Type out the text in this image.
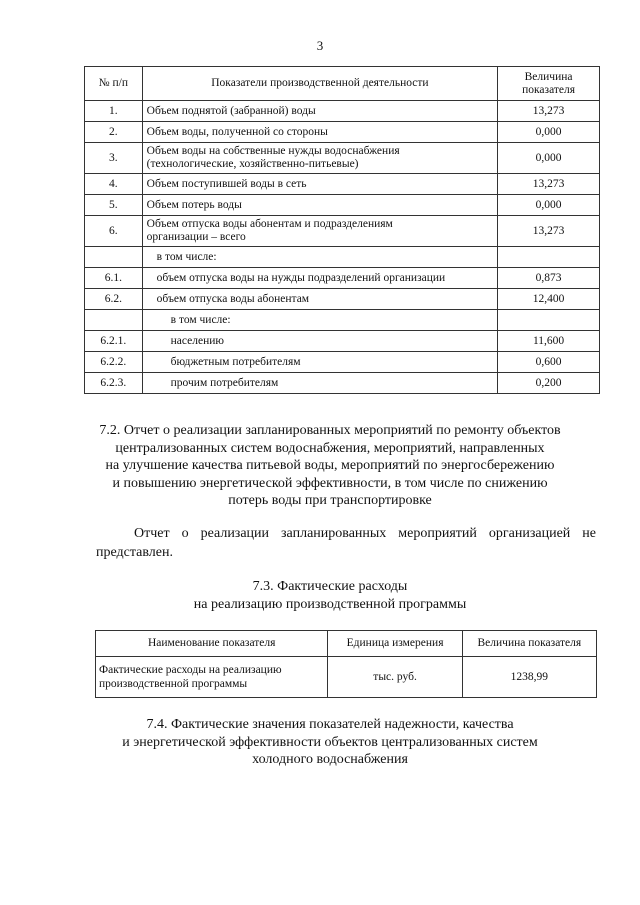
3
№ п/п	Показатели производственной деятельности	Величина
показателя
1.	Объем поднятой (забранной) воды	13,273
2.	Объем воды, полученной со стороны	0,000
3.	Объем воды на собственные нужды водоснабжения
(технологические, хозяйственно-питьевые)	0,000
4.	Объем поступившей воды в сеть	13,273
5.	Объем потерь воды	0,000
6.	Объем отпуска воды абонентам и подразделениям
организации – всего	13,273
	в том числе:	
6.1.	объем отпуска воды на нужды подразделений организации	0,873
6.2.	объем отпуска воды абонентам	12,400
	в том числе:	
6.2.1.	населению	11,600
6.2.2.	бюджетным потребителям	0,600
6.2.3.	прочим потребителям	0,200
7.2. Отчет о реализации запланированных мероприятий по ремонту объектов
централизованных систем водоснабжения, мероприятий, направленных
на улучшение качества питьевой воды, мероприятий по энергосбережению
и повышению энергетической эффективности, в том числе по снижению
потерь воды при транспортировке
Отчет о реализации запланированных мероприятий организацией не представлен.
7.3. Фактические расходы
на реализацию производственной программы
Наименование показателя	Единица измерения	Величина показателя
Фактические расходы на реализацию
производственной программы	тыс. руб.	1238,99
7.4. Фактические значения показателей надежности, качества
и энергетической эффективности объектов централизованных систем
холодного водоснабжения
